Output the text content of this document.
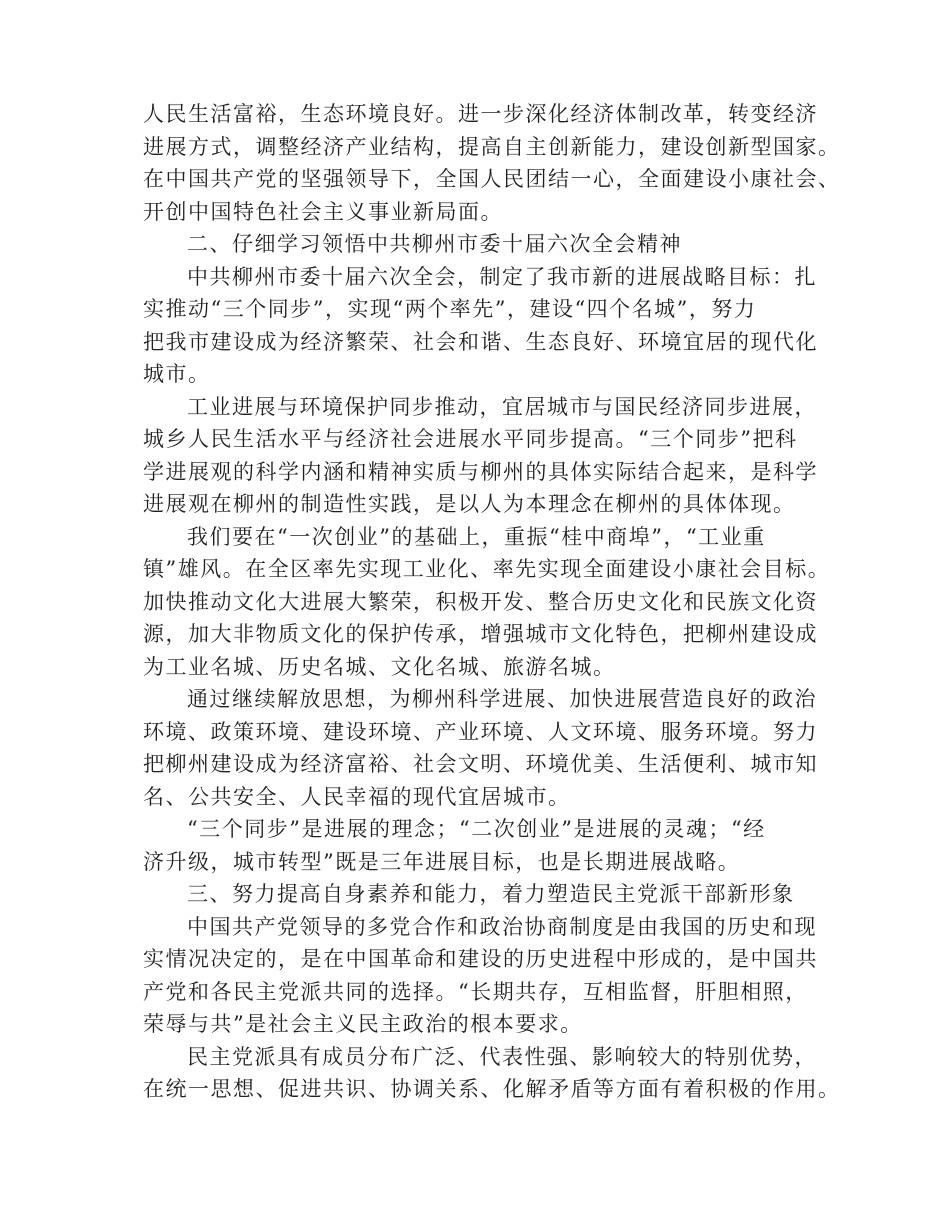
人民生活富裕，生态环境良好。进一步深化经济体制改革，转变经济
进展方式，调整经济产业结构，提高自主创新能力，建设创新型国家。
在中国共产党的坚强领导下，全国人民团结一心，全面建设小康社会、
开创中国特色社会主义事业新局面。
二、仔细学习领悟中共柳州市委十届六次全会精神
中共柳州市委十届六次全会，制定了我市新的进展战略目标：扎
实推动“三个同步”，实现“两个率先”，建设“四个名城”，努力
把我市建设成为经济繁荣、社会和谐、生态良好、环境宜居的现代化
城市。
工业进展与环境保护同步推动，宜居城市与国民经济同步进展，
城乡人民生活水平与经济社会进展水平同步提高。“三个同步”把科
学进展观的科学内涵和精神实质与柳州的具体实际结合起来，是科学
进展观在柳州的制造性实践，是以人为本理念在柳州的具体体现。
我们要在“一次创业”的基础上，重振“桂中商埠”，“工业重
镇”雄风。在全区率先实现工业化、率先实现全面建设小康社会目标。
加快推动文化大进展大繁荣，积极开发、整合历史文化和民族文化资
源，加大非物质文化的保护传承，增强城市文化特色，把柳州建设成
为工业名城、历史名城、文化名城、旅游名城。
通过继续解放思想，为柳州科学进展、加快进展营造良好的政治
环境、政策环境、建设环境、产业环境、人文环境、服务环境。努力
把柳州建设成为经济富裕、社会文明、环境优美、生活便利、城市知
名、公共安全、人民幸福的现代宜居城市。
“三个同步”是进展的理念；“二次创业”是进展的灵魂；“经
济升级，城市转型”既是三年进展目标，也是长期进展战略。
三、努力提高自身素养和能力，着力塑造民主党派干部新形象
中国共产党领导的多党合作和政治协商制度是由我国的历史和现
实情况决定的，是在中国革命和建设的历史进程中形成的，是中国共
产党和各民主党派共同的选择。“长期共存，互相监督，肝胆相照，
荣辱与共”是社会主义民主政治的根本要求。
民主党派具有成员分布广泛、代表性强、影响较大的特别优势，
在统一思想、促进共识、协调关系、化解矛盾等方面有着积极的作用。
